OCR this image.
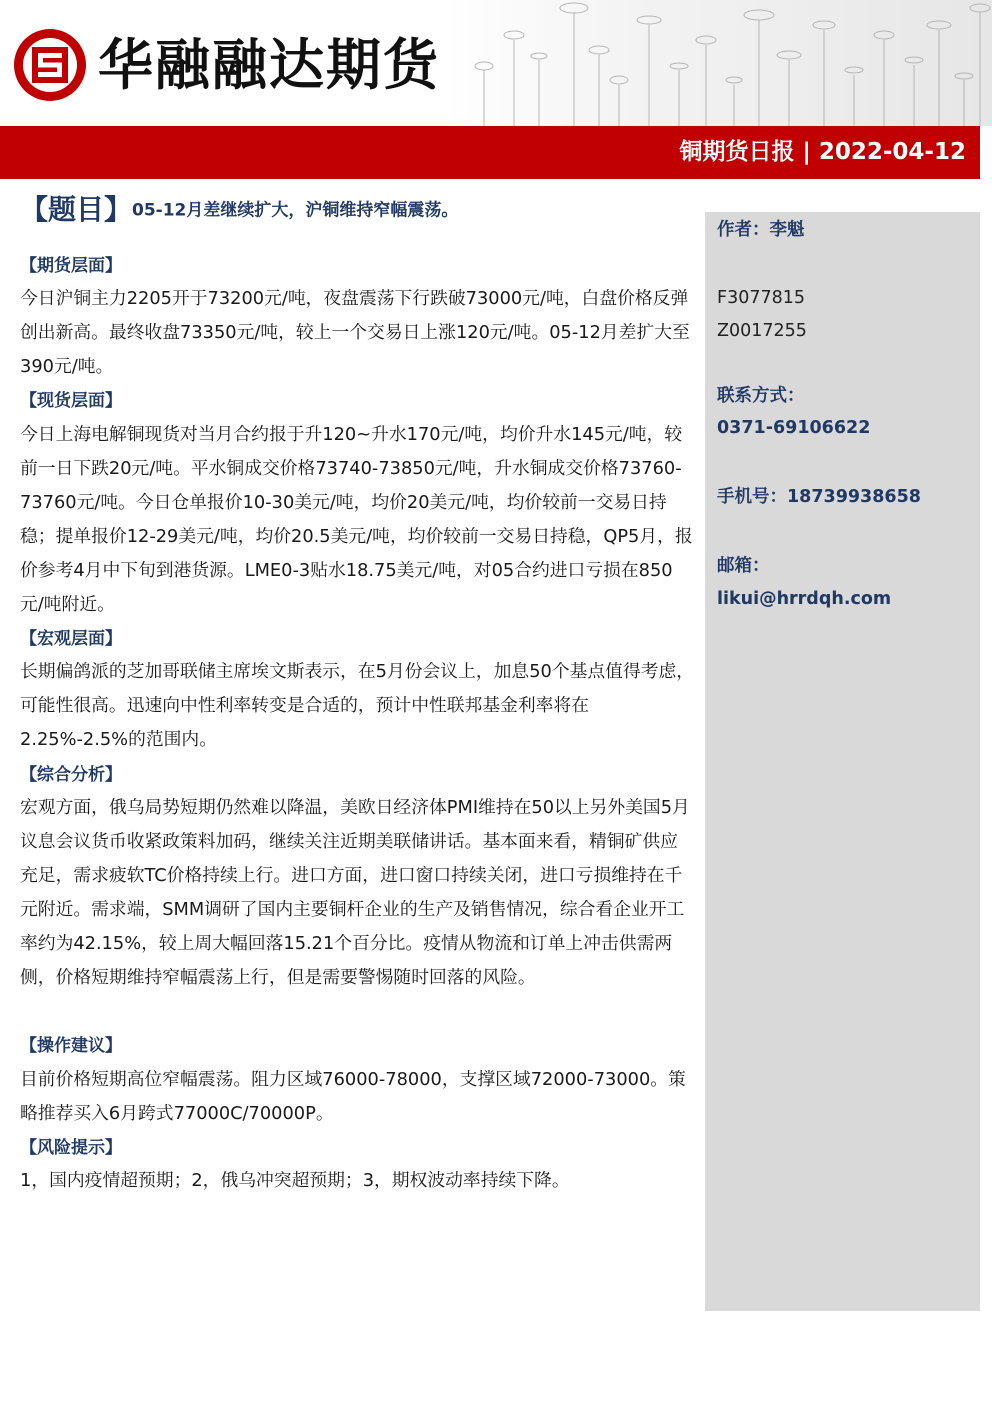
华融融达期货
铜期货日报 | 2022-04-12
作者：李魁
F3077815
Z0017255
联系方式：
0371-69106622
手机号：18739938658
邮箱：
likui@hrrdqh.com
【题目】05-12月差继续扩大，沪铜维持窄幅震荡。
【期货层面】
今日沪铜主力2205开于73200元/吨，夜盘震荡下行跌破73000元/吨，白盘价格反弹创出新高。最终收盘73350元/吨，较上一个交易日上涨120元/吨。05-12月差扩大至390元/吨。
【现货层面】
今日上海电解铜现货对当月合约报于升120~升水170元/吨，均价升水145元/吨，较前一日下跌20元/吨。平水铜成交价格73740-73850元/吨，升水铜成交价格73760-73760元/吨。今日仓单报价10-30美元/吨，均价20美元/吨，均价较前一交易日持稳；提单报价12-29美元/吨，均价20.5美元/吨，均价较前一交易日持稳，QP5月，报价参考4月中下旬到港货源。LME0-3贴水18.75美元/吨，对05合约进口亏损在850元/吨附近。
【宏观层面】
长期偏鸽派的芝加哥联储主席埃文斯表示，在5月份会议上，加息50个基点值得考虑，可能性很高。迅速向中性利率转变是合适的，预计中性联邦基金利率将在2.25%-2.5%的范围内。
【综合分析】
宏观方面，俄乌局势短期仍然难以降温，美欧日经济体PMI维持在50以上另外美国5月议息会议货币收紧政策料加码，继续关注近期美联储讲话。基本面来看，精铜矿供应充足，需求疲软TC价格持续上行。进口方面，进口窗口持续关闭，进口亏损维持在千元附近。需求端，SMM调研了国内主要铜杆企业的生产及销售情况，综合看企业开工率约为42.15%，较上周大幅回落15.21个百分比。疫情从物流和订单上冲击供需两侧，价格短期维持窄幅震荡上行，但是需要警惕随时回落的风险。
【操作建议】
目前价格短期高位窄幅震荡。阻力区域76000-78000，支撑区域72000-73000。策略推荐买入6月跨式77000C/70000P。
【风险提示】
1，国内疫情超预期；2，俄乌冲突超预期；3，期权波动率持续下降。
